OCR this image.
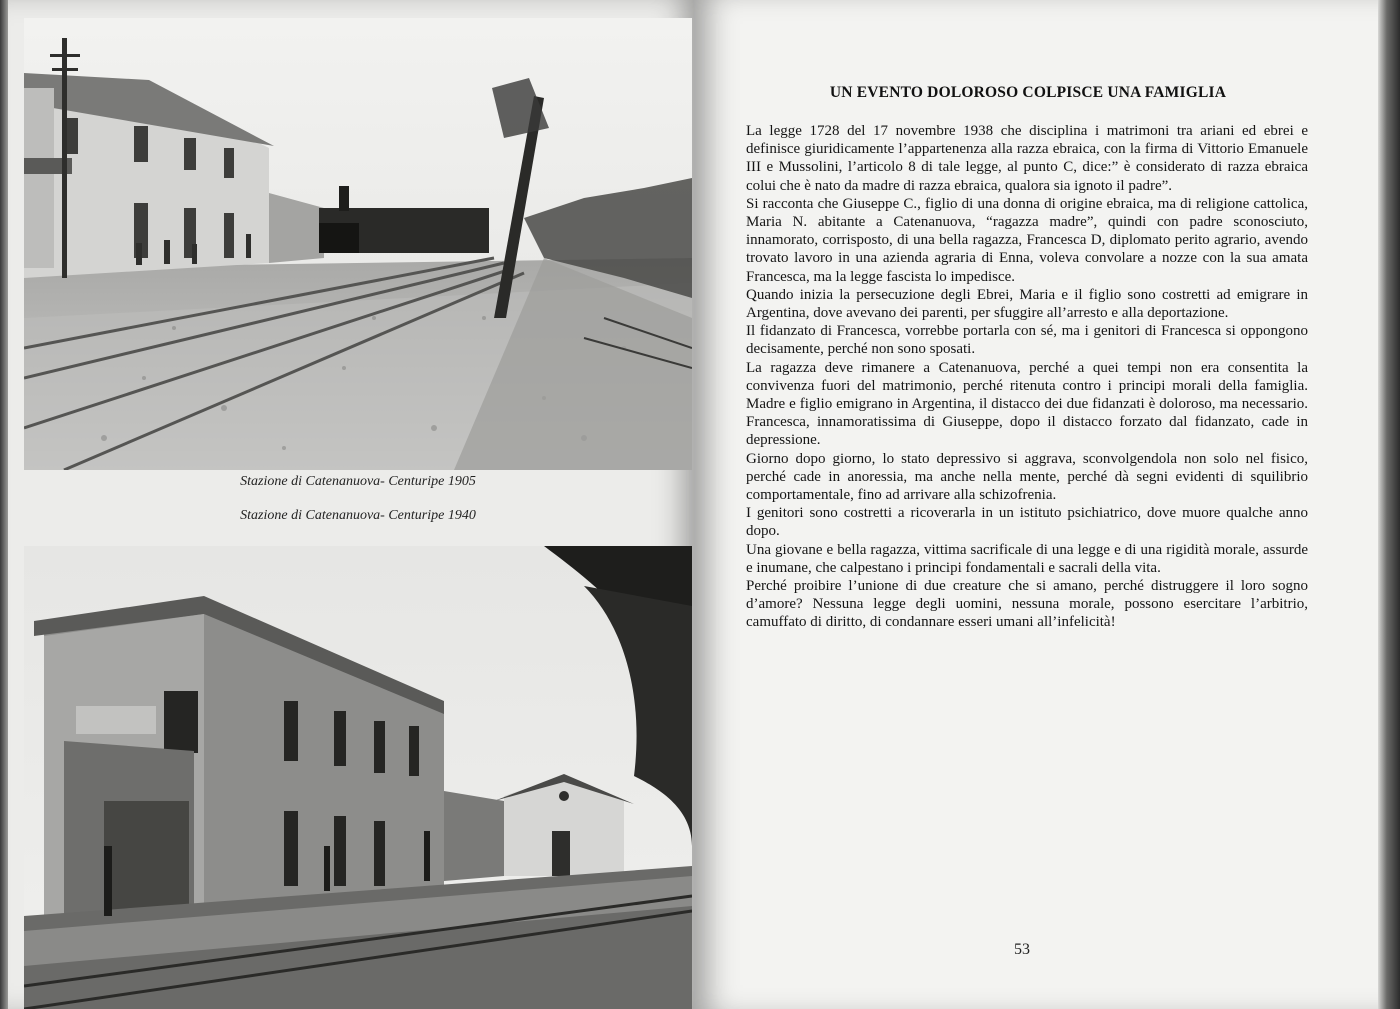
Stazione di Catenanuova- Centuripe 1905
Stazione di Catenanuova- Centuripe 1940
UN EVENTO DOLOROSO COLPISCE UNA FAMIGLIA

La legge 1728 del 17 novembre 1938 che disciplina i matrimoni tra ariani ed ebrei e definisce giuridicamente l’appartenenza alla razza ebraica, con la firma di Vittorio Emanuele III e Mussolini, l’articolo 8 di tale legge, al punto C, dice:” è considerato di razza ebraica colui che è nato da madre di razza ebraica, qualora sia ignoto il padre”.

Si racconta che Giuseppe C., figlio di una donna di origine ebraica, ma di religione cattolica, Maria N. abitante a Catenanuova, “ragazza madre”, quindi con padre sconosciuto, innamorato, corrisposto, di una bella ragazza, Francesca D, diplomato perito agrario, avendo trovato lavoro in una azienda agraria di Enna, voleva convolare a nozze con la sua amata Francesca, ma la legge fascista lo impedisce.

Quando inizia la persecuzione degli Ebrei, Maria e il figlio sono costretti ad emigrare in Argentina, dove avevano dei parenti, per sfuggire all’arresto e alla deportazione.

Il fidanzato di Francesca, vorrebbe portarla con sé, ma i genitori di Francesca si oppongono decisamente, perché non sono sposati.

La ragazza deve rimanere a Catenanuova, perché a quei tempi non era consentita la convivenza fuori del matrimonio, perché ritenuta contro i principi morali della famiglia. Madre e figlio emigrano in Argentina, il distacco dei due fidanzati è doloroso, ma necessario. Francesca, innamoratissima di Giuseppe, dopo il distacco forzato dal fidanzato, cade in depressione.

Giorno dopo giorno, lo stato depressivo si aggrava, sconvolgendola non solo nel fisico, perché cade in anoressia, ma anche nella mente, perché dà segni evidenti di squilibrio comportamentale, fino ad arrivare alla schizofrenia.

I genitori sono costretti a ricoverarla in un istituto psichiatrico, dove muore qualche anno dopo.

Una giovane e bella ragazza, vittima sacrificale di una legge e di una rigidità morale, assurde e inumane, che calpestano i principi fondamentali e sacrali della vita.

Perché proibire l’unione di due creature che si amano, perché distruggere il loro sogno d’amore? Nessuna legge degli uomini, nessuna morale, possono esercitare l’arbitrio, camuffato di diritto, di condannare esseri umani all’infelicità!

53
